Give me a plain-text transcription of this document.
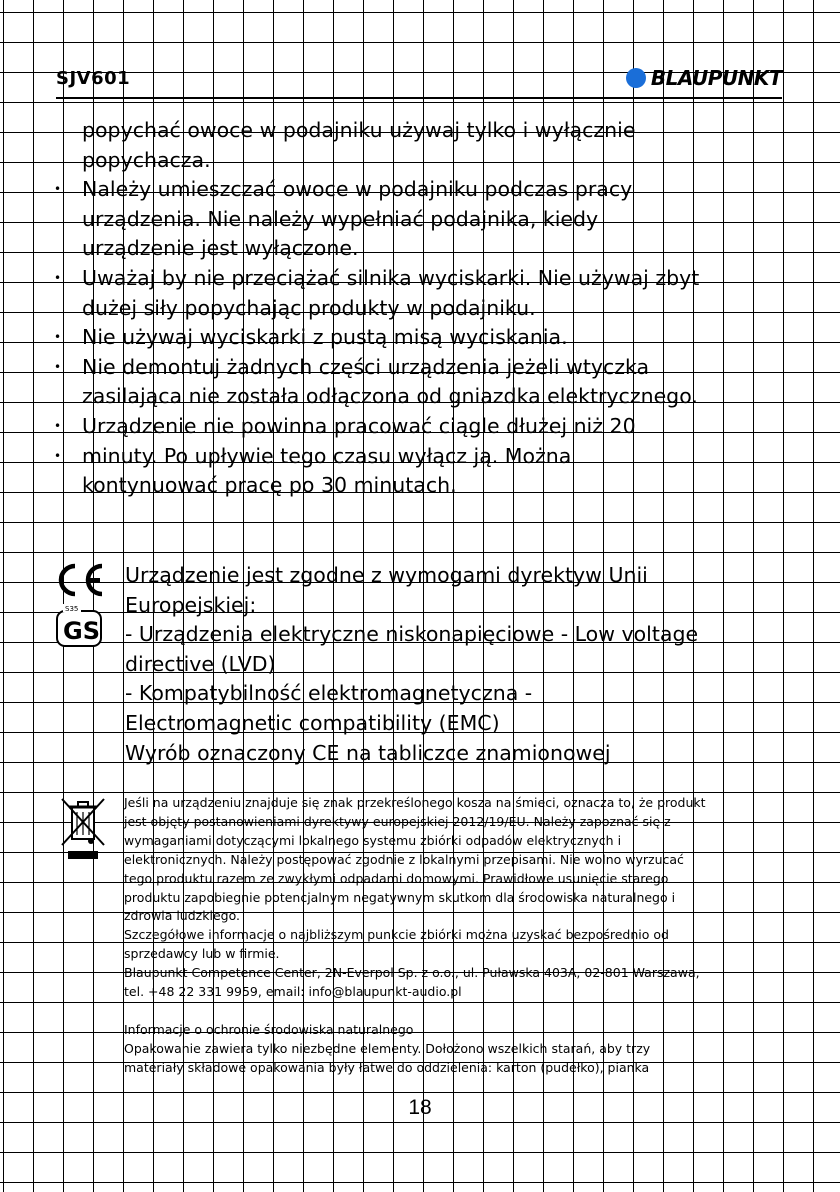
SJV601	BLAUPUNKT
popychać owoce w podajniku używaj tylko i wyłącznie
popychacza.
• Należy umieszczać owoce w podajniku podczas pracy
urządzenia. Nie należy wypełniać podajnika, kiedy
urządzenie jest wyłączone.
• Uważaj by nie przeciążać silnika wyciskarki. Nie używaj zbyt
dużej siły popychając produkty w podajniku.
• Nie używaj wyciskarki z pustą misą wyciskania.
• Nie demontuj żadnych części urządzenia jeżeli wtyczka
zasilająca nie została odłączona od gniazdka elektrycznego.
• Urządzenie nie powinna pracować ciągle dłużej niż 20
• minuty. Po upływie tego czasu wyłącz ją. Można
kontynuować pracę po 30 minutach.
S35
GS
Urządzenie jest zgodne z wymogami dyrektyw Unii
Europejskiej:
- Urządzenia elektryczne niskonapięciowe - Low voltage
directive (LVD)
- Kompatybilność elektromagnetyczna -
Electromagnetic compatibility (EMC)
Wyrób oznaczony CE na tabliczce znamionowej
Jeśli na urządzeniu znajduje się znak przekreślonego kosza na śmieci, oznacza to, że produkt
jest objęty postanowieniami dyrektywy europejskiej 2012/19/EU. Należy zapoznać się z
wymaganiami dotyczącymi lokalnego systemu zbiórki odpadów elektrycznych i
elektronicznych. Należy postępować zgodnie z lokalnymi przepisami. Nie wolno wyrzucać
tego produktu razem ze zwykłymi odpadami domowymi. Prawidłowe usunięcie starego
produktu zapobiegnie potencjalnym negatywnym skutkom dla środowiska naturalnego i
zdrowia ludzkiego.
Szczegółowe informacje o najbliższym punkcie zbiórki można uzyskać bezpośrednio od
sprzedawcy lub w firmie.
Blaupunkt Competence Center, 2N-Everpol Sp. z o.o., ul. Puławska 403A, 02-801 Warszawa,
tel. +48 22 331 9959, email: info@blaupunkt-audio.pl

Informacje o ochronie środowiska naturalnego
Opakowanie zawiera tylko niezbędne elementy. Dołożono wszelkich starań, aby trzy
materiały składowe opakowania były łatwe do oddzielenia: karton (pudełko), pianka
18
